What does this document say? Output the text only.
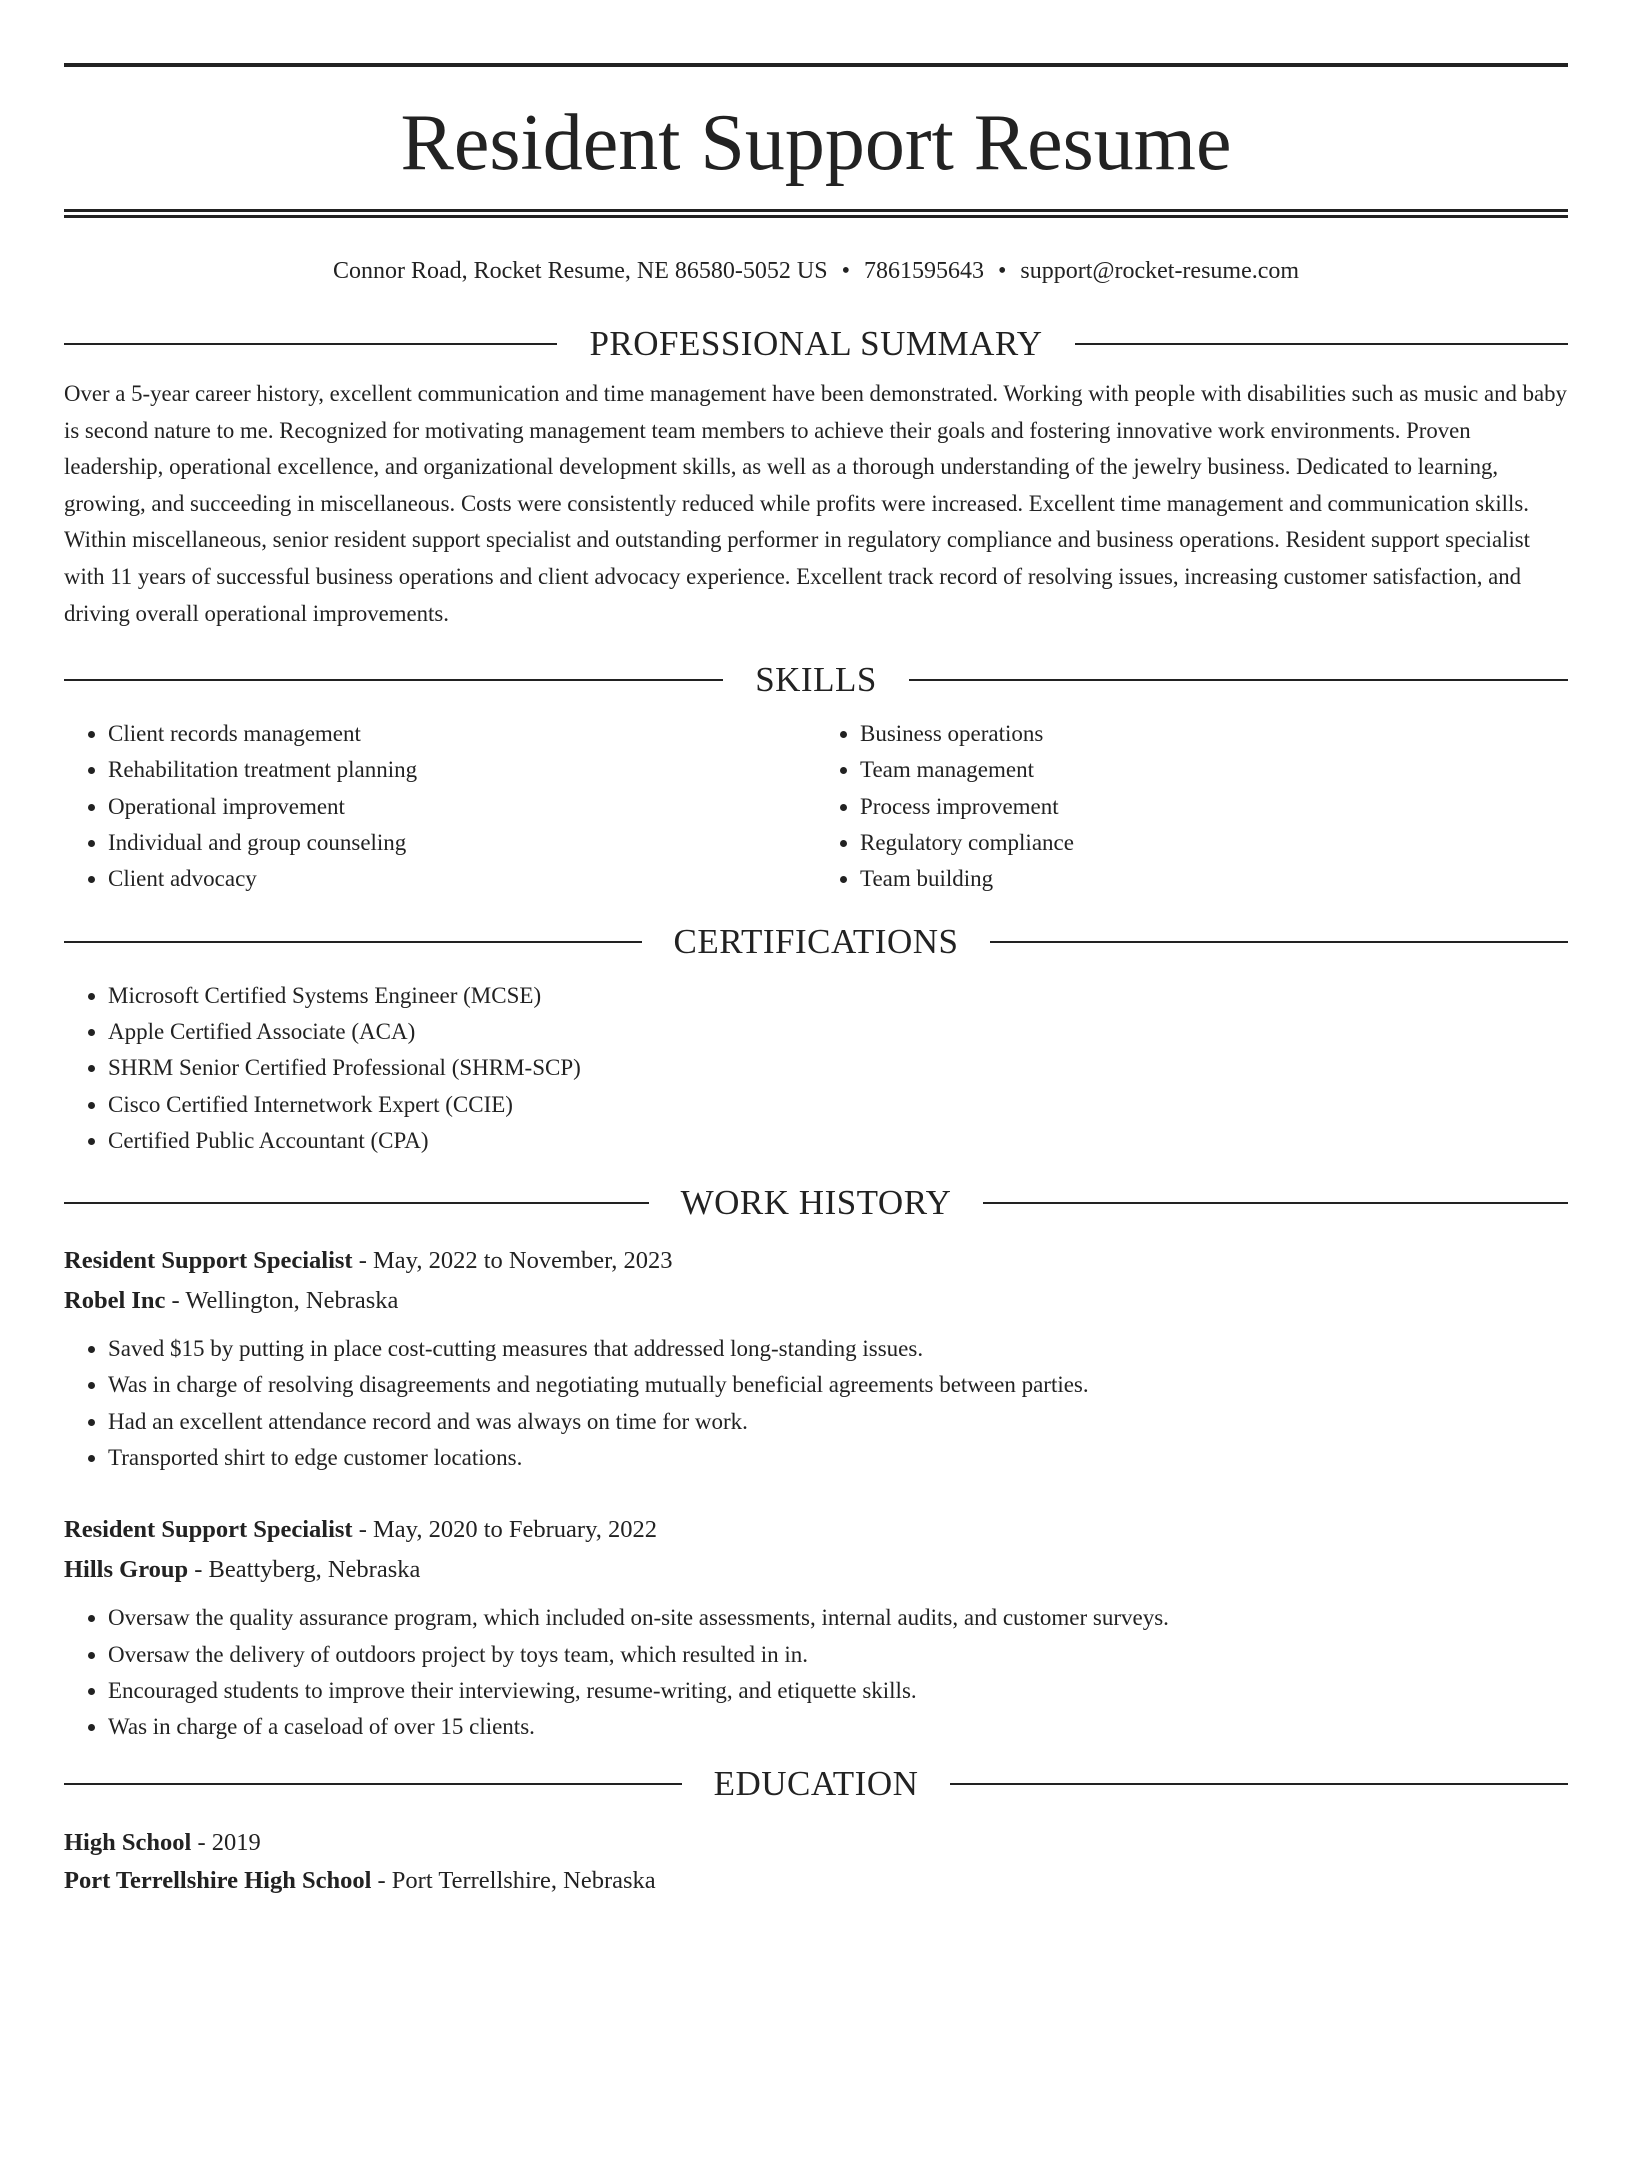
Resident Support Resume
Connor Road, Rocket Resume, NE 86580-5052 US • 7861595643 • support@rocket-resume.com
PROFESSIONAL SUMMARY
Over a 5-year career history, excellent communication and time management have been demonstrated. Working with people with disabilities such as music and baby is second nature to me. Recognized for motivating management team members to achieve their goals and fostering innovative work environments. Proven leadership, operational excellence, and organizational development skills, as well as a thorough understanding of the jewelry business. Dedicated to learning, growing, and succeeding in miscellaneous. Costs were consistently reduced while profits were increased. Excellent time management and communication skills. Within miscellaneous, senior resident support specialist and outstanding performer in regulatory compliance and business operations. Resident support specialist with 11 years of successful business operations and client advocacy experience. Excellent track record of resolving issues, increasing customer satisfaction, and driving overall operational improvements.
SKILLS
• Client records management
• Rehabilitation treatment planning
• Operational improvement
• Individual and group counseling
• Client advocacy
• Business operations
• Team management
• Process improvement
• Regulatory compliance
• Team building
CERTIFICATIONS
• Microsoft Certified Systems Engineer (MCSE)
• Apple Certified Associate (ACA)
• SHRM Senior Certified Professional (SHRM-SCP)
• Cisco Certified Internetwork Expert (CCIE)
• Certified Public Accountant (CPA)
WORK HISTORY
Resident Support Specialist - May, 2022 to November, 2023
Robel Inc - Wellington, Nebraska
• Saved $15 by putting in place cost-cutting measures that addressed long-standing issues.
• Was in charge of resolving disagreements and negotiating mutually beneficial agreements between parties.
• Had an excellent attendance record and was always on time for work.
• Transported shirt to edge customer locations.
Resident Support Specialist - May, 2020 to February, 2022
Hills Group - Beattyberg, Nebraska
• Oversaw the quality assurance program, which included on-site assessments, internal audits, and customer surveys.
• Oversaw the delivery of outdoors project by toys team, which resulted in in.
• Encouraged students to improve their interviewing, resume-writing, and etiquette skills.
• Was in charge of a caseload of over 15 clients.
EDUCATION
High School - 2019
Port Terrellshire High School - Port Terrellshire, Nebraska
